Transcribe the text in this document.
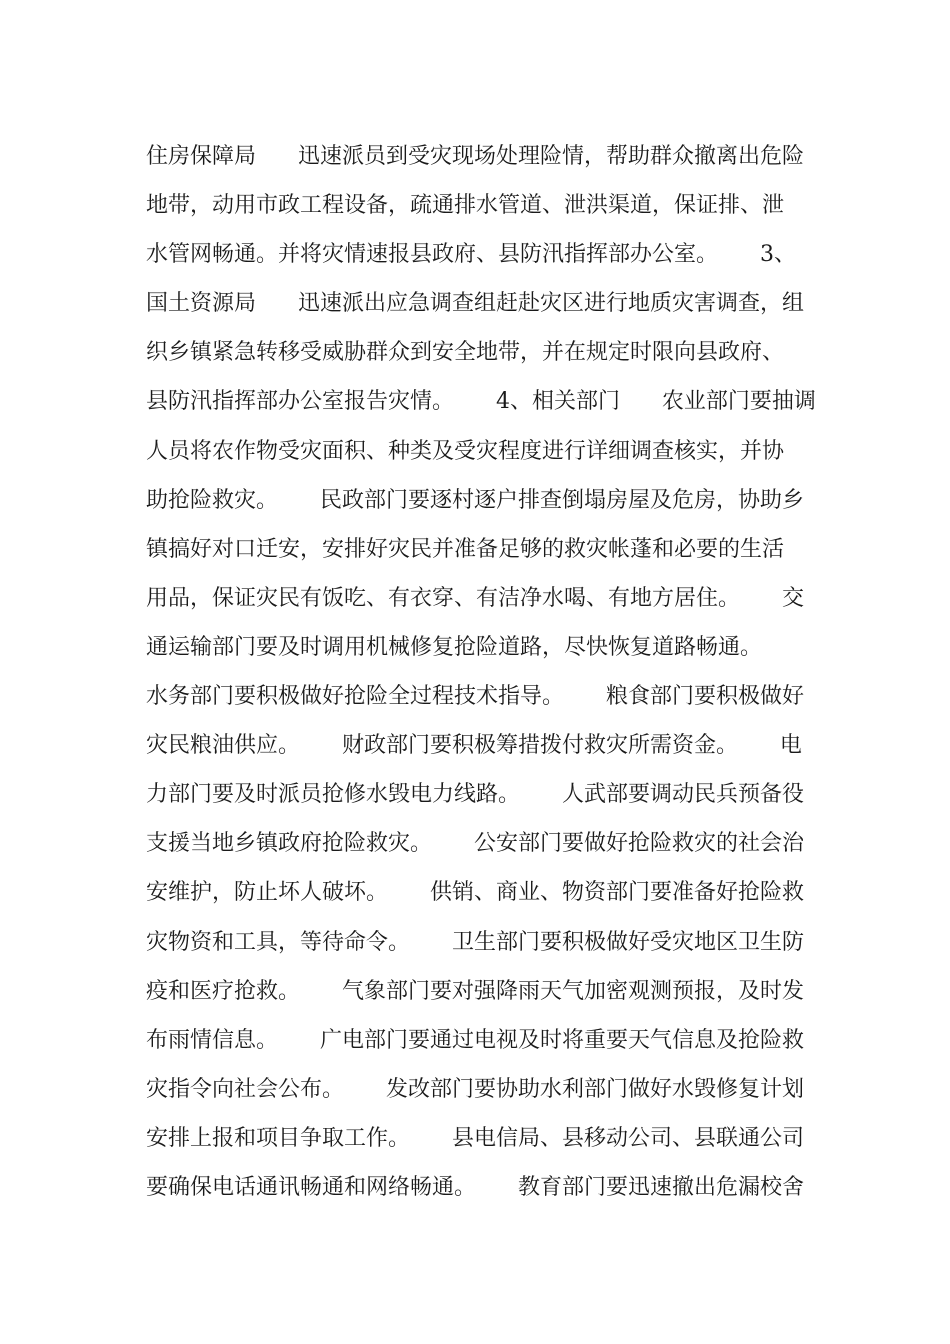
住房保障局      迅速派员到受灾现场处理险情，帮助群众撤离出危险
地带，动用市政工程设备，疏通排水管道、泄洪渠道，保证排、泄
水管网畅通。并将灾情速报县政府、县防汛指挥部办公室。      3、
国土资源局      迅速派出应急调查组赶赴灾区进行地质灾害调查，组
织乡镇紧急转移受威胁群众到安全地带，并在规定时限向县政府、
县防汛指挥部办公室报告灾情。      4、相关部门      农业部门要抽调
人员将农作物受灾面积、种类及受灾程度进行详细调查核实，并协
助抢险救灾。      民政部门要逐村逐户排查倒塌房屋及危房，协助乡
镇搞好对口迁安，安排好灾民并准备足够的救灾帐蓬和必要的生活
用品，保证灾民有饭吃、有衣穿、有洁净水喝、有地方居住。      交
通运输部门要及时调用机械修复抢险道路，尽快恢复道路畅通。
水务部门要积极做好抢险全过程技术指导。      粮食部门要积极做好
灾民粮油供应。      财政部门要积极筹措拨付救灾所需资金。      电
力部门要及时派员抢修水毁电力线路。      人武部要调动民兵预备役
支援当地乡镇政府抢险救灾。      公安部门要做好抢险救灾的社会治
安维护，防止坏人破坏。      供销、商业、物资部门要准备好抢险救
灾物资和工具，等待命令。      卫生部门要积极做好受灾地区卫生防
疫和医疗抢救。      气象部门要对强降雨天气加密观测预报，及时发
布雨情信息。      广电部门要通过电视及时将重要天气信息及抢险救
灾指令向社会公布。      发改部门要协助水利部门做好水毁修复计划
安排上报和项目争取工作。      县电信局、县移动公司、县联通公司
要确保电话通讯畅通和网络畅通。      教育部门要迅速撤出危漏校舍
